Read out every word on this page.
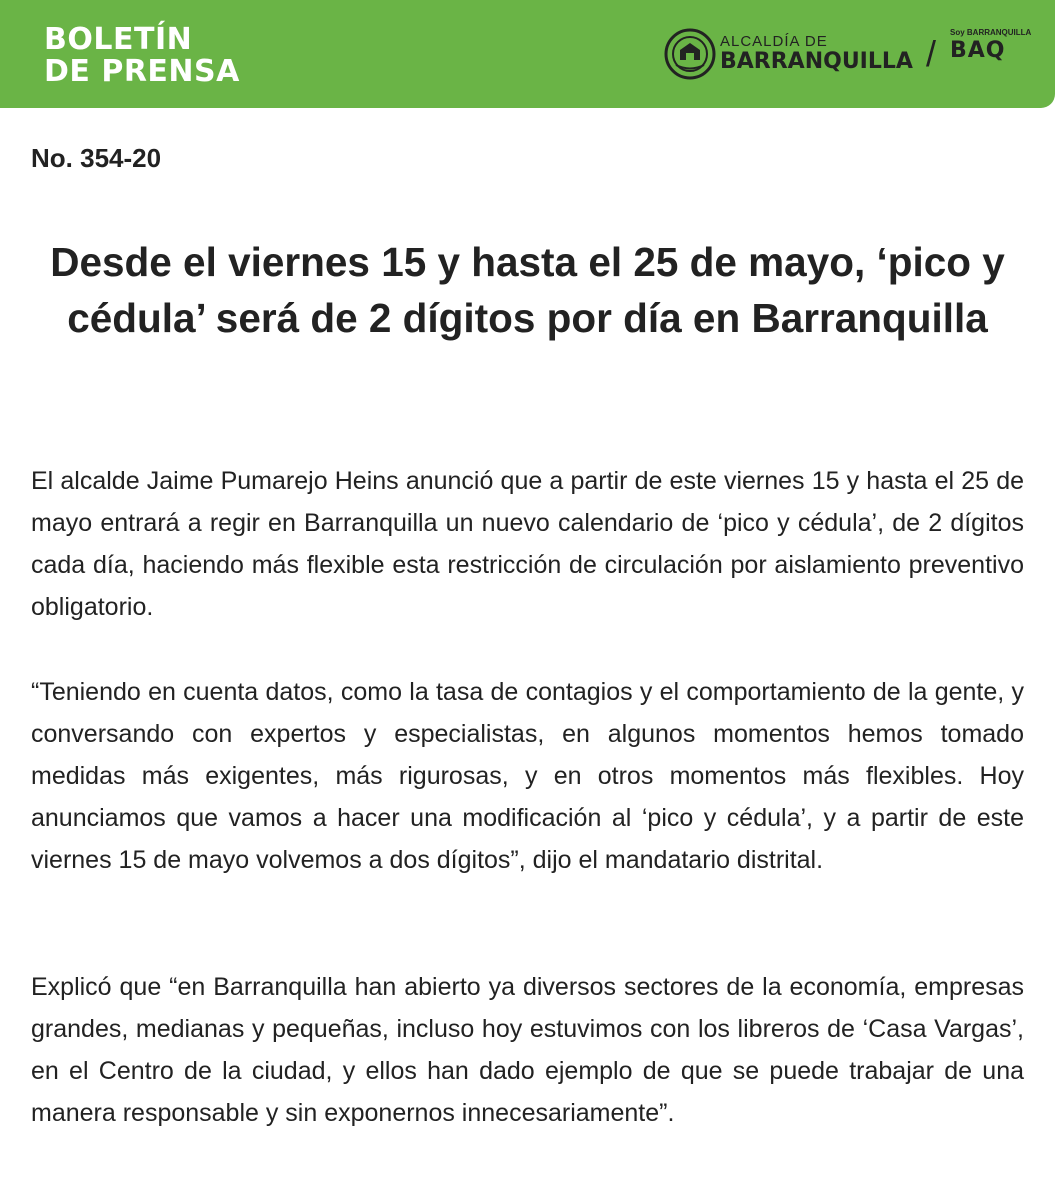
BOLETÍN
DE PRENSA
ALCALDÍA DE
BARRANQUILLA /
Soy BARRANQUILLA
BAQ
No. 354-20
Desde el viernes 15 y hasta el 25 de mayo, ‘pico y cédula’ será de 2 dígitos por día en Barranquilla
El alcalde Jaime Pumarejo Heins anunció que a partir de este viernes 15 y hasta el 25 de mayo entrará a regir en Barranquilla un nuevo calendario de ‘pico y cédula’, de 2 dígitos cada día, haciendo más flexible esta restricción de circulación por aislamiento preventivo obligatorio.
“Teniendo en cuenta datos, como la tasa de contagios y el comportamiento de la gente, y conversando con expertos y especialistas, en algunos momentos hemos tomado medidas más exigentes, más rigurosas, y en otros momentos más flexibles. Hoy anunciamos que vamos a hacer una modificación al ‘pico y cédula’, y a partir de este viernes 15 de mayo volvemos a dos dígitos”, dijo el mandatario distrital.
Explicó que “en Barranquilla han abierto ya diversos sectores de la economía, empresas grandes, medianas y pequeñas, incluso hoy estuvimos con los libreros de ‘Casa Vargas’, en el Centro de la ciudad, y ellos han dado ejemplo de que se puede trabajar de una manera responsable y sin exponernos innecesariamente”.
